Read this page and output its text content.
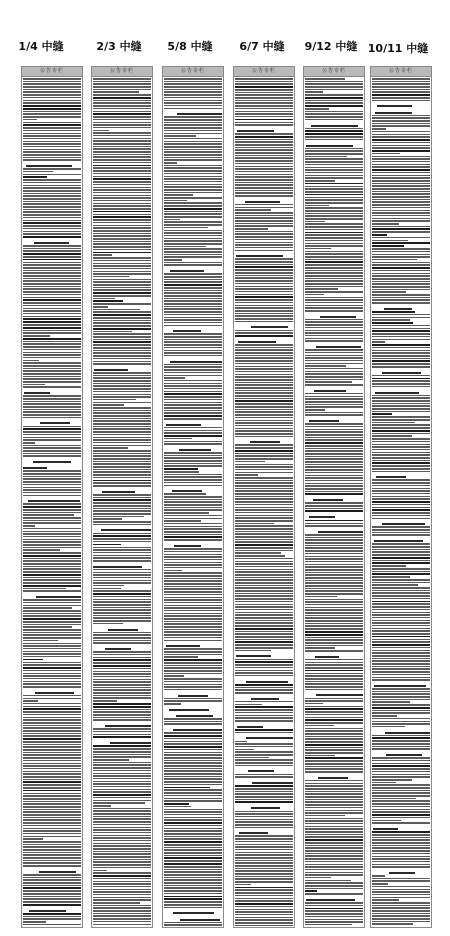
1/4 中缝	2/3 中缝	5/8 中缝	6/7 中缝	9/12 中缝 10/11 中缝
公告专栏	公告专栏	公告专栏	公告专栏	公告专栏	公告专栏
